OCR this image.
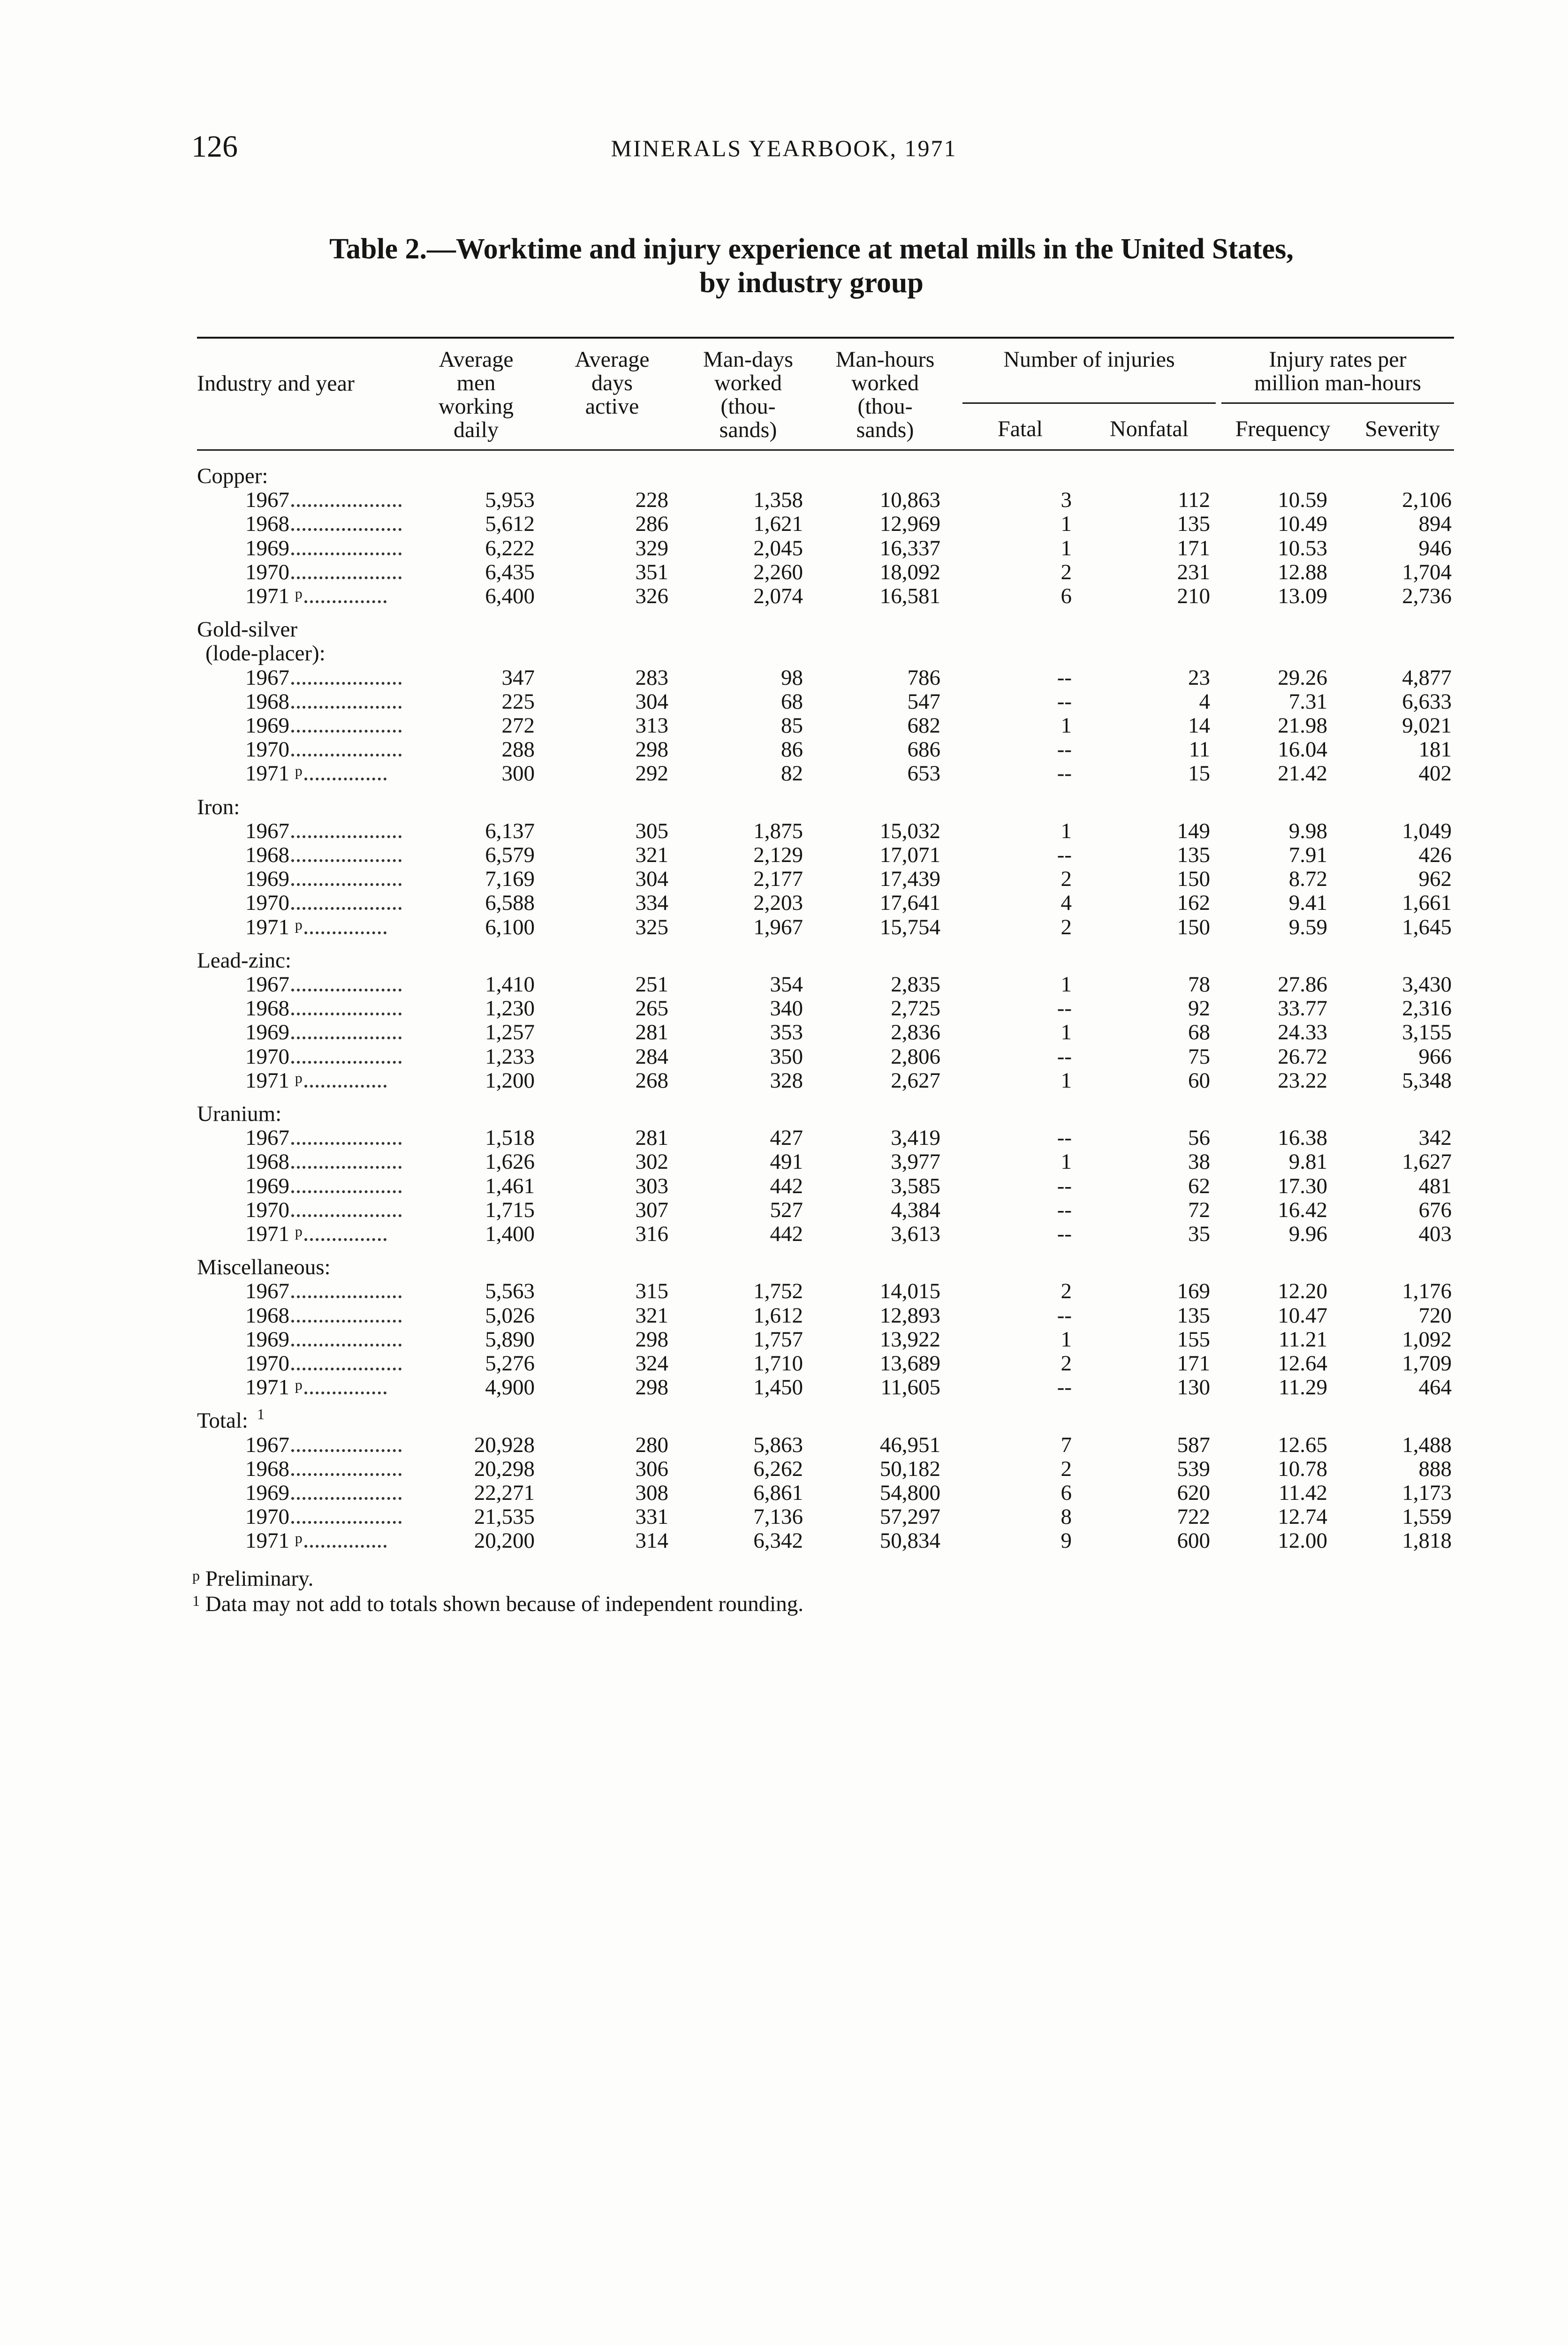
126	MINERALS YEARBOOK, 1971
Table 2.—Worktime and injury experience at metal mills in the United States,
by industry group
Industry and year
Average
men
working
daily
Average
days
active
Man-days
worked
(thou-
sands)
Man-hours
worked
(thou-
sands)
Number of injuries	Injury rates per
million man-hours
Fatal	Nonfatal	Frequency	Severity
Copper:
1967	5,953	228	1,358	10,863	3	112	10.59	2,106
1968	5,612	286	1,621	12,969	1	135	10.49	894
1969	6,222	329	2,045	16,337	1	171	10.53	946
1970	6,435	351	2,260	18,092	2	231	12.88	1,704
1971 $^p$	6,400	326	2,074	16,581	6	210	13.09	2,736
Gold-silver
(lode-placer):
1967	347	283	98	786	--	23	29.26	4,877
1968	225	304	68	547	--	4	7.31	6,633
1969	272	313	85	682	1	14	21.98	9,021
1970	288	298	86	686	--	11	16.04	181
1971 $^p$	300	292	82	653	--	15	21.42	402
Iron:
1967	6,137	305	1,875	15,032	1	149	9.98	1,049
1968	6,579	321	2,129	17,071	--	135	7.91	426
1969	7,169	304	2,177	17,439	2	150	8.72	962
1970	6,588	334	2,203	17,641	4	162	9.41	1,661
1971 $^p$	6,100	325	1,967	15,754	2	150	9.59	1,645
Lead-zinc:
1967	1,410	251	354	2,835	1	78	27.86	3,430
1968	1,230	265	340	2,725	--	92	33.77	2,316
1969	1,257	281	353	2,836	1	68	24.33	3,155
1970	1,233	284	350	2,806	--	75	26.72	966
1971 $^p$	1,200	268	328	2,627	1	60	23.22	5,348
Uranium:
1967	1,518	281	427	3,419	--	56	16.38	342
1968	1,626	302	491	3,977	1	38	9.81	1,627
1969	1,461	303	442	3,585	--	62	17.30	481
1970	1,715	307	527	4,384	--	72	16.42	676
1971 $^p$	1,400	316	442	3,613	--	35	9.96	403
Miscellaneous:
1967	5,563	315	1,752	14,015	2	169	12.20	1,176
1968	5,026	321	1,612	12,893	--	135	10.47	720
1969	5,890	298	1,757	13,922	1	155	11.21	1,092
1970	5,276	324	1,710	13,689	2	171	12.64	1,709
1971 $^p$	4,900	298	1,450	11,605	--	130	11.29	464
Total: 1
1967	20,928	280	5,863	46,951	7	587	12.65	1,488
1968	20,298	306	6,262	50,182	2	539	10.78	888
1969	22,271	308	6,861	54,800	6	620	11.42	1,173
1970	21,535	331	7,136	57,297	8	722	12.74	1,559
1971 $^p$	20,200	314	6,342	50,834	9	600	12.00	1,818
$^p$ Preliminary.
$^1$ Data may not add to totals shown because of independent rounding.
